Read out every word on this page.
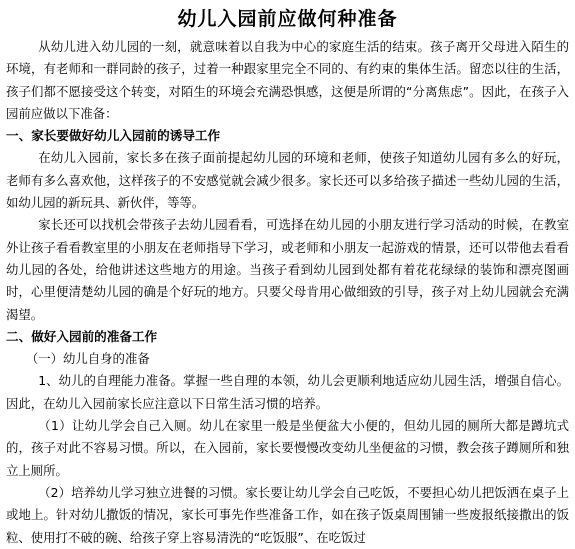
幼儿入园前应做何种准备

从幼儿进入幼儿园的一刻，就意味着以自我为中心的家庭生活的结束。孩子离开父母进入陌生的环境，有老师和一群同龄的孩子，过着一种跟家里完全不同的、有约束的集体生活。留恋以往的生活，孩子们都不愿接受这个转变，对陌生的环境会充满恐惧感，这便是所谓的“分离焦虑”。因此，在孩子入园前应做以下准备：

一、家长要做好幼儿入园前的诱导工作

在幼儿入园前，家长多在孩子面前提起幼儿园的环境和老师，使孩子知道幼儿园有多么的好玩，老师有多么喜欢他，这样孩子的不安感觉就会减少很多。家长还可以多给孩子描述一些幼儿园的生活，如幼儿园的新玩具、新伙伴，等等。

家长还可以找机会带孩子去幼儿园看看，可选择在幼儿园的小朋友进行学习活动的时候，在教室外让孩子看看教室里的小朋友在老师指导下学习，或老师和小朋友一起游戏的情景，还可以带他去看看幼儿园的各处，给他讲述这些地方的用途。当孩子看到幼儿园到处都有着花花绿绿的装饰和漂亮图画时，心里便清楚幼儿园的确是个好玩的地方。只要父母肯用心做细致的引导，孩子对上幼儿园就会充满渴望。

二、做好入园前的准备工作

（一）幼儿自身的准备

1、幼儿的自理能力准备。掌握一些自理的本领，幼儿会更顺利地适应幼儿园生活，增强自信心。因此，在幼儿入园前家长应注意以下日常生活习惯的培养。

（1）让幼儿学会自己入厕。幼儿在家里一般是坐便盆大小便的，但幼儿园的厕所大都是蹲坑式的，孩子对此不容易习惯。所以，在入园前，家长要慢慢改变幼儿坐便盆的习惯，教会孩子蹲厕所和独立上厕所。

（2）培养幼儿学习独立进餐的习惯。家长要让幼儿学会自己吃饭，不要担心幼儿把饭洒在桌子上或地上。针对幼儿撒饭的情况，家长可事先作些准备工作，如在孩子饭桌周围铺一些废报纸接撒出的饭粒、使用打不破的碗、给孩子穿上容易清洗的“吃饭服”、在吃饭过
